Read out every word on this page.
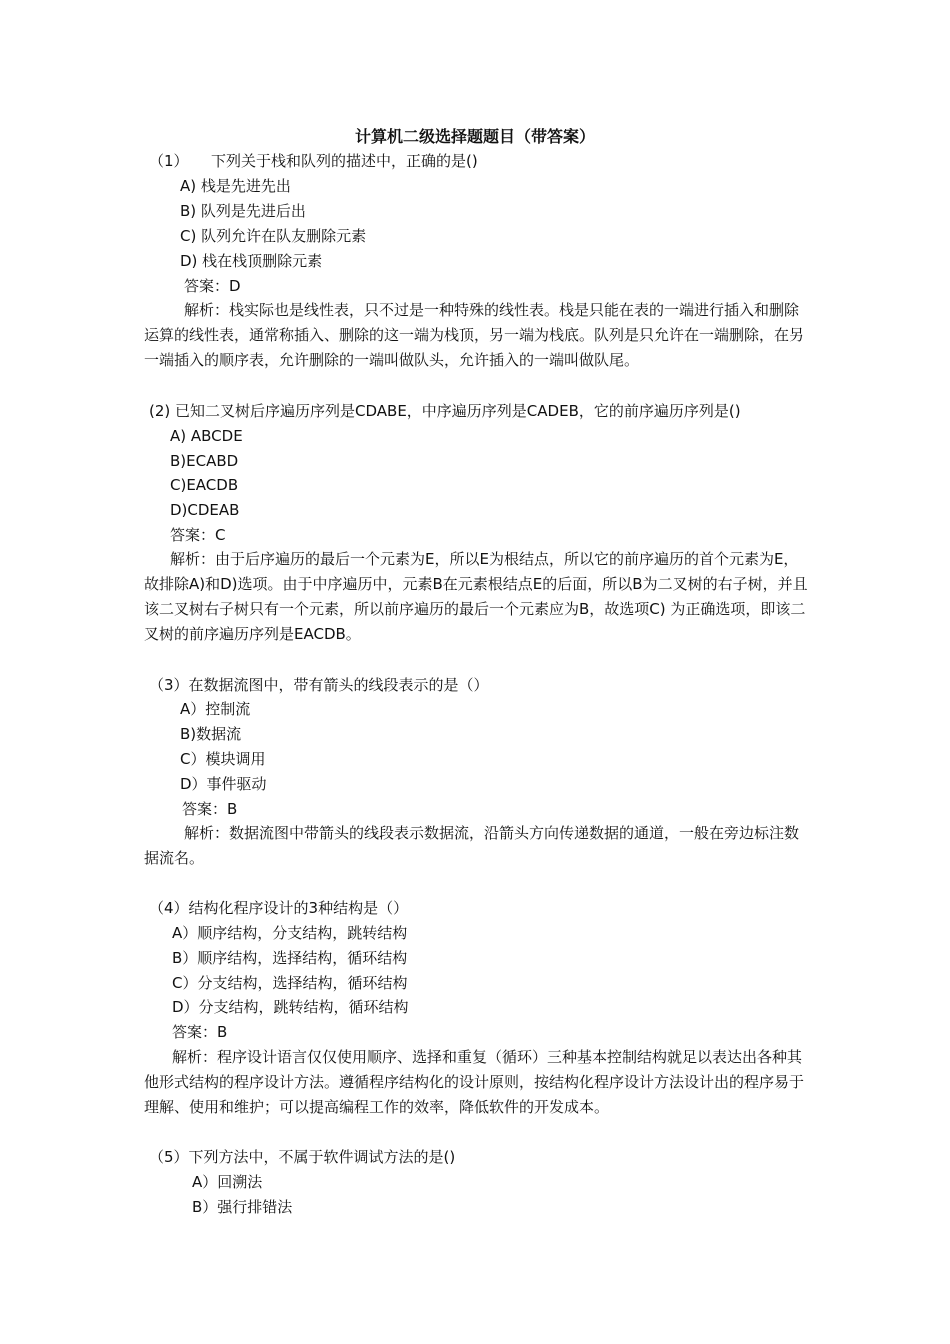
计算机二级选择题题目（带答案）
（1） 下列关于栈和队列的描述中，正确的是()
A) 栈是先进先出
B) 队列是先进后出
C) 队列允许在队友删除元素
D) 栈在栈顶删除元素
答案：D
解析：栈实际也是线性表，只不过是一种特殊的线性表。栈是只能在表的一端进行插入和删除运算的线性表，通常称插入、删除的这一端为栈顶，另一端为栈底。队列是只允许在一端删除，在另一端插入的顺序表，允许删除的一端叫做队头，允许插入的一端叫做队尾。
(2) 已知二叉树后序遍历序列是CDABE，中序遍历序列是CADEB，它的前序遍历序列是()
A) ABCDE
B)ECABD
C)EACDB
D)CDEAB
答案：C
解析：由于后序遍历的最后一个元素为E，所以E为根结点，所以它的前序遍历的首个元素为E，故排除A)和D)选项。由于中序遍历中，元素B在元素根结点E的后面，所以B为二叉树的右子树，并且该二叉树右子树只有一个元素，所以前序遍历的最后一个元素应为B，故选项C) 为正确选项，即该二叉树的前序遍历序列是EACDB。
（3）在数据流图中，带有箭头的线段表示的是（）
A）控制流
B)数据流
C）模块调用
D）事件驱动
答案：B
解析：数据流图中带箭头的线段表示数据流，沿箭头方向传递数据的通道，一般在旁边标注数据流名。
（4）结构化程序设计的3种结构是（）
A）顺序结构，分支结构，跳转结构
B）顺序结构，选择结构，循环结构
C）分支结构，选择结构，循环结构
D）分支结构，跳转结构，循环结构
答案：B
解析：程序设计语言仅仅使用顺序、选择和重复（循环）三种基本控制结构就足以表达出各种其他形式结构的程序设计方法。遵循程序结构化的设计原则，按结构化程序设计方法设计出的程序易于理解、使用和维护；可以提高编程工作的效率，降低软件的开发成本。
（5）下列方法中，不属于软件调试方法的是()
A）回溯法
B）强行排错法
